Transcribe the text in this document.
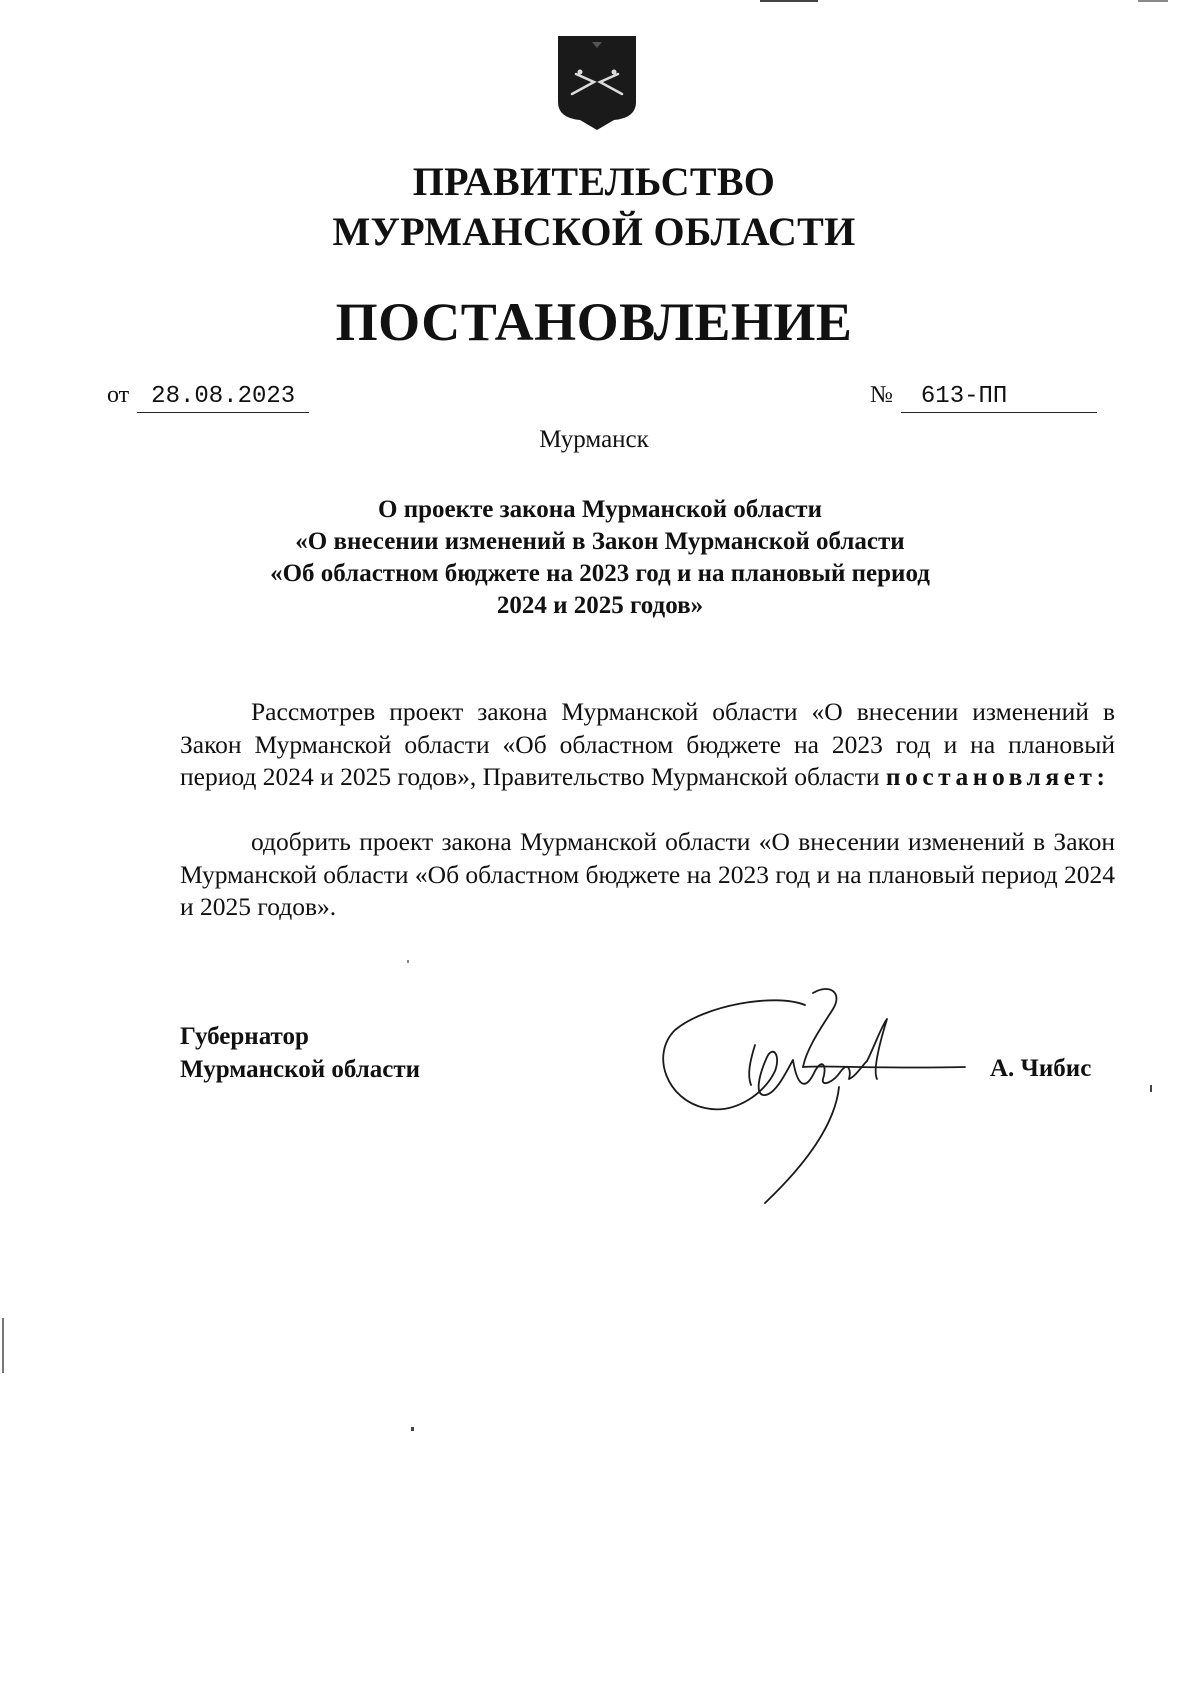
ПРАВИТЕЛЬСТВО
МУРМАНСКОЙ ОБЛАСТИ
ПОСТАНОВЛЕНИЕ
от 28.08.2023	№ 613-ПП
Мурманск
О проекте закона Мурманской области
«О внесении изменений в Закон Мурманской области
«Об областном бюджете на 2023 год и на плановый период
2024 и 2025 годов»
Рассмотрев проект закона Мурманской области «О внесении изменений в Закон Мурманской области «Об областном бюджете на 2023 год и на плановый период 2024 и 2025 годов», Правительство Мурманской области постановляет:
одобрить проект закона Мурманской области «О внесении изменений в Закон Мурманской области «Об областном бюджете на 2023 год и на плановый период 2024 и 2025 годов».
Губернатор
Мурманской области	А. Чибис
